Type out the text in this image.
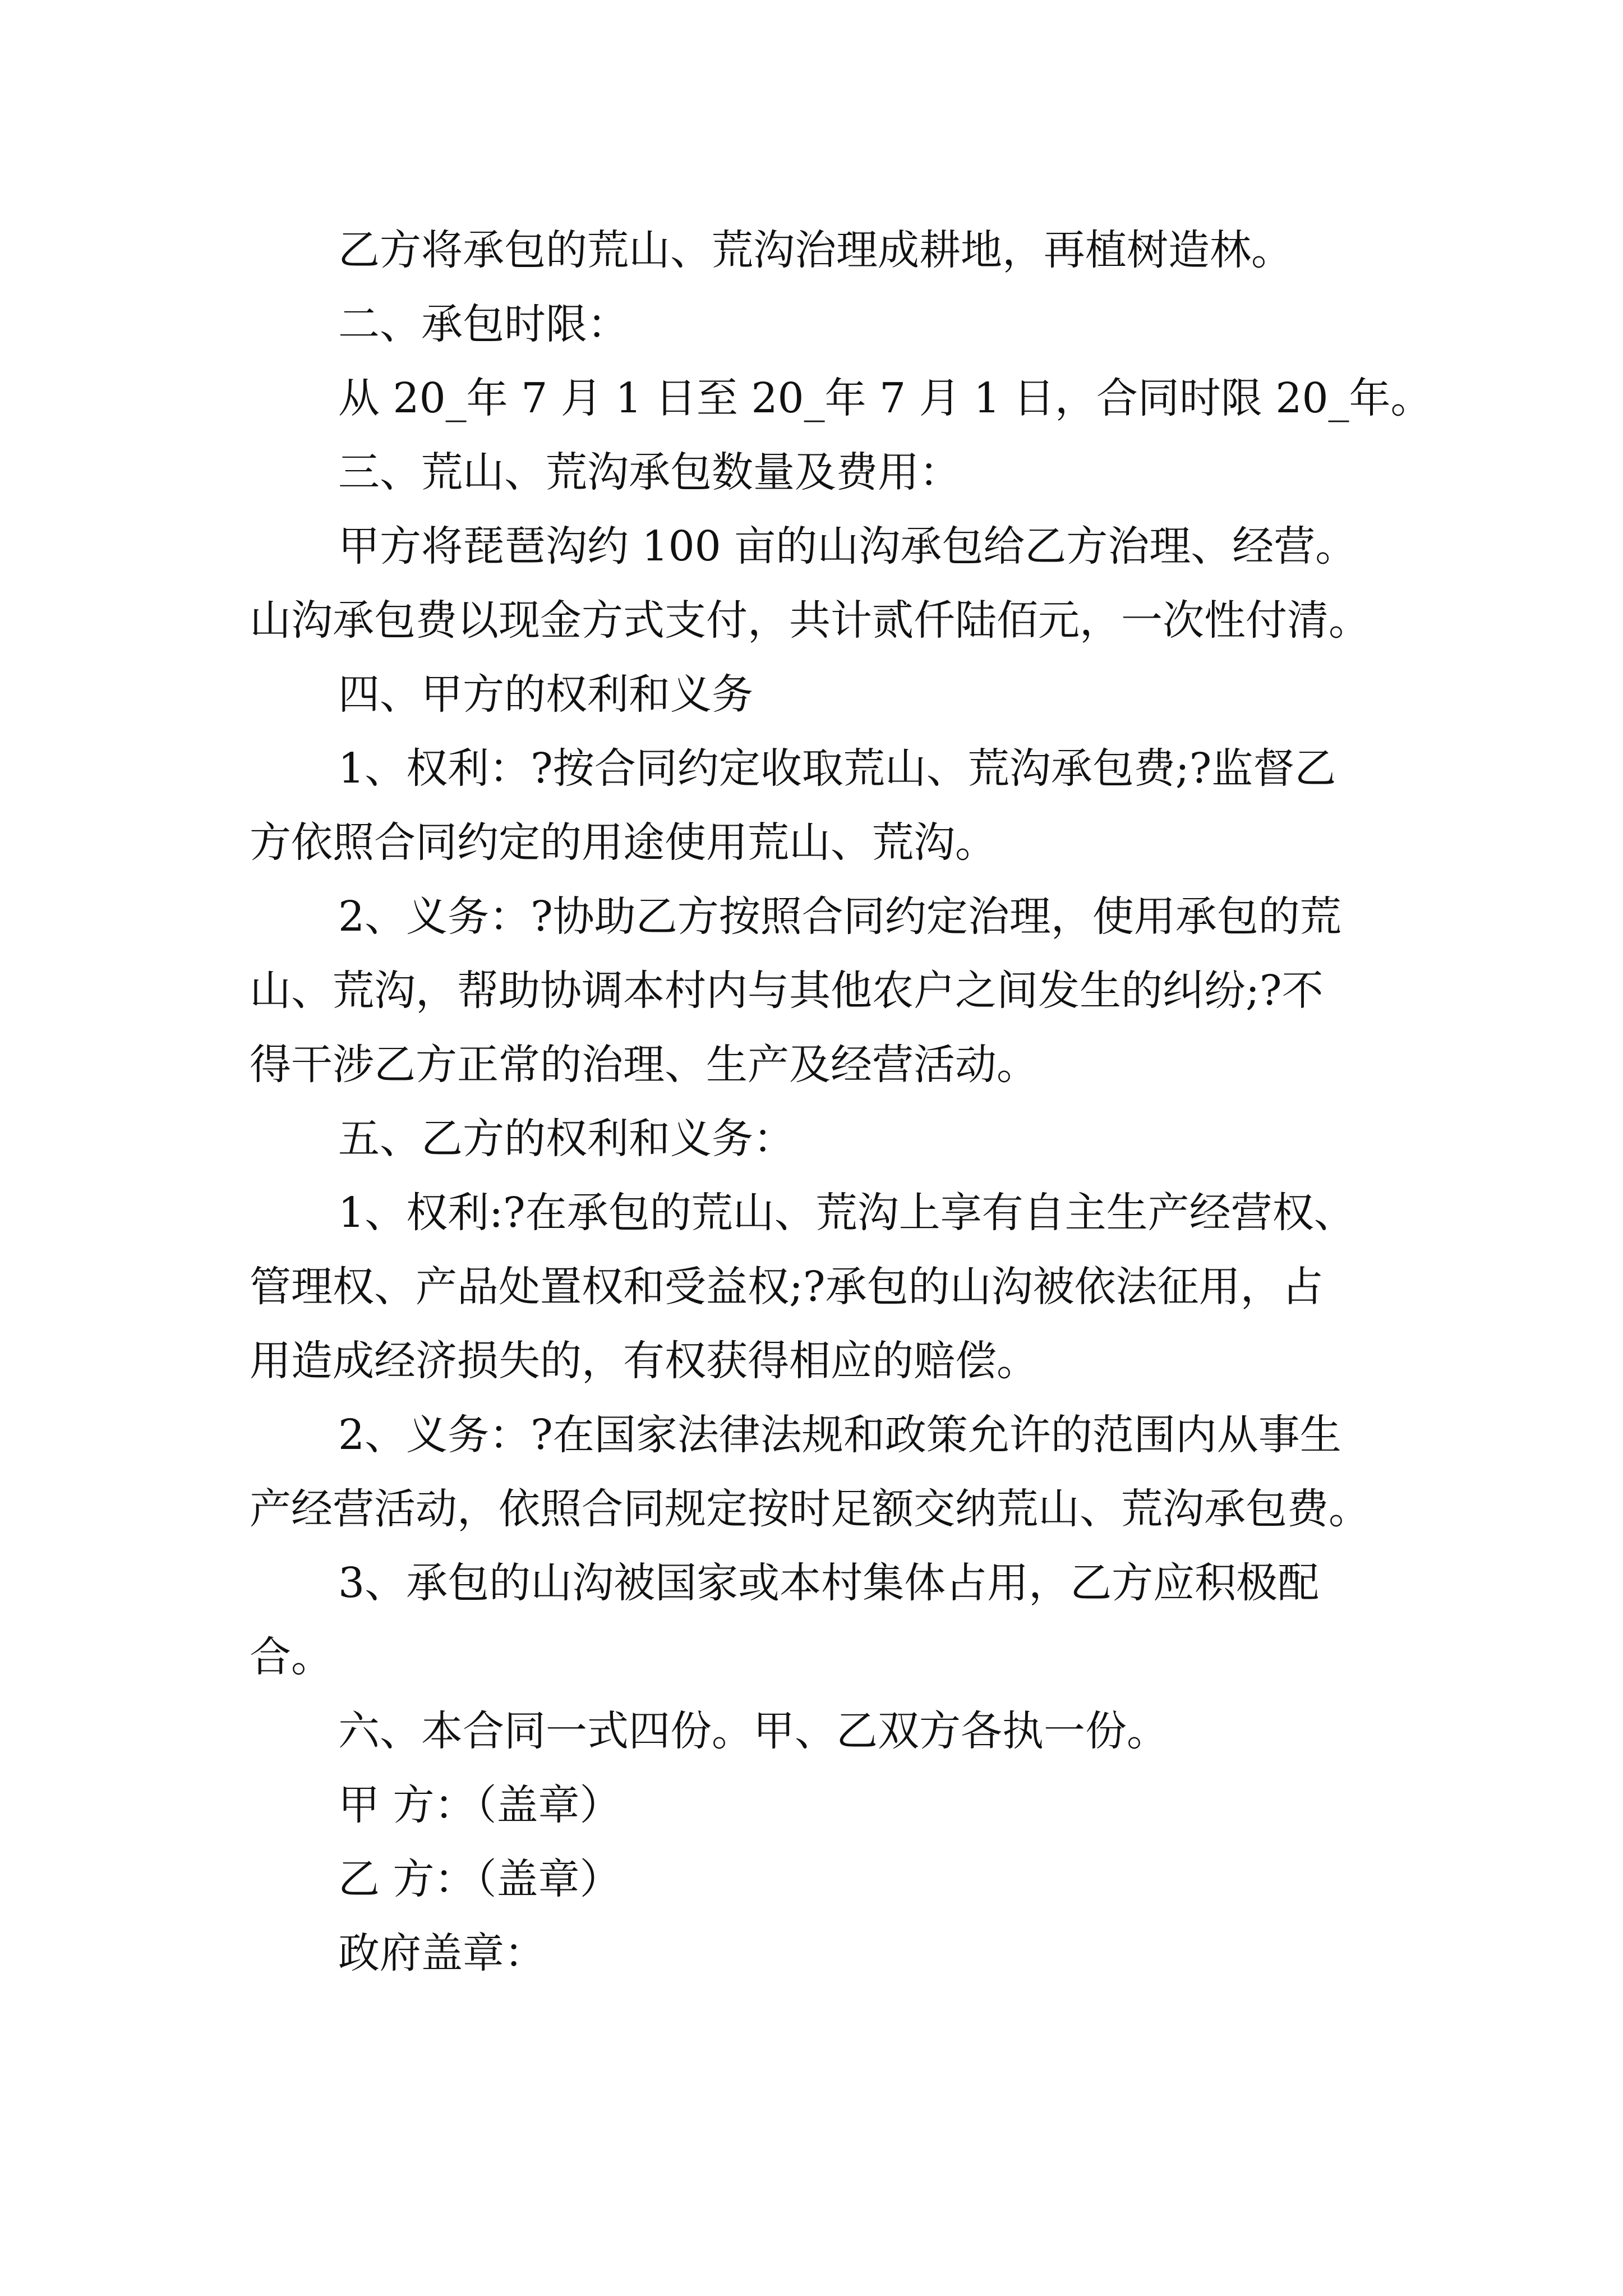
乙方将承包的荒山、荒沟治理成耕地，再植树造林。
二、承包时限：
从 20_年 7 月 1 日至 20_年 7 月 1 日，合同时限 20_年。
三、荒山、荒沟承包数量及费用：
甲方将琵琶沟约 100 亩的山沟承包给乙方治理、经营。
山沟承包费以现金方式支付，共计贰仟陆佰元，一次性付清。
四、甲方的权利和义务
1、权利：?按合同约定收取荒山、荒沟承包费;?监督乙
方依照合同约定的用途使用荒山、荒沟。
2、义务：?协助乙方按照合同约定治理，使用承包的荒
山、荒沟，帮助协调本村内与其他农户之间发生的纠纷;?不
得干涉乙方正常的治理、生产及经营活动。
五、乙方的权利和义务：
1、权利:?在承包的荒山、荒沟上享有自主生产经营权、
管理权、产品处置权和受益权;?承包的山沟被依法征用，占
用造成经济损失的，有权获得相应的赔偿。
2、义务：?在国家法律法规和政策允许的范围内从事生
产经营活动，依照合同规定按时足额交纳荒山、荒沟承包费。
3、承包的山沟被国家或本村集体占用，乙方应积极配
合。
六、本合同一式四份。甲、乙双方各执一份。
甲 方：（盖章）
乙 方：（盖章）
政府盖章：
